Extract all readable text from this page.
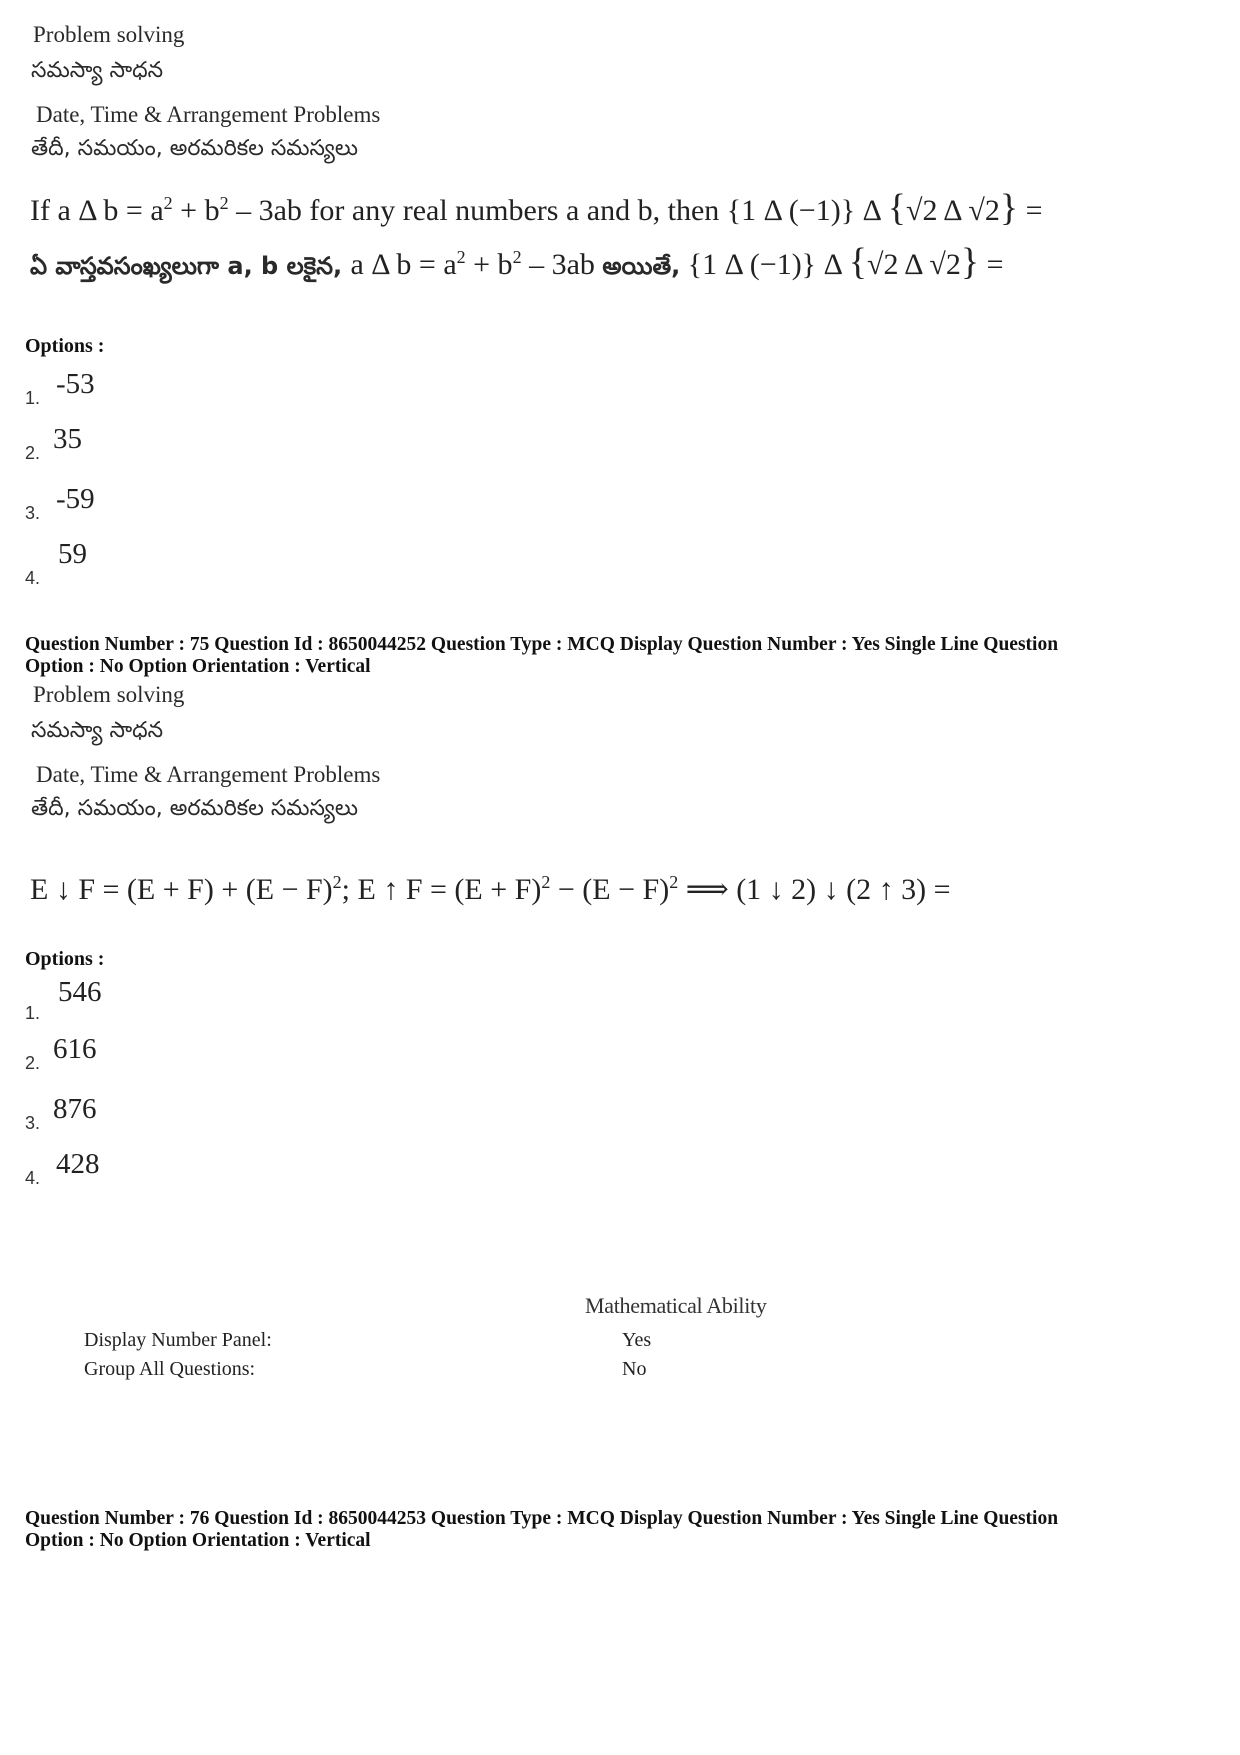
Problem solving
సమస్యా సాధన
Date, Time & Arrangement Problems
తేదీ, సమయం, అరమరికల సమస్యలు
If a Δ $b = a^2 + b^2 - 3ab$ for any real numbers a and b, then {1 Δ (−1)} Δ {√2 Δ √2} =
ఏ వాస్తవసంఖ్యలుగా a, b లకైన, a Δ $b = a^2 + b^2 - 3ab$ అయితే, {1 Δ (−1)} Δ {√2 Δ √2} =
Options :
1. -53
2. 35
3. -59
4.
59
Question Number : 75 Question Id : 8650044252 Question Type : MCQ Display Question Number : Yes Single Line Question
Option : No Option Orientation : Vertical
Problem solving
సమస్యా సాధన
Date, Time & Arrangement Problems
తేదీ, సమయం, అరమరికల సమస్యలు
E ↓ $F = (E + F) + (E - F)^2$; E ↑ $F = (E + F)^2 - (E - F)^2$ ⟹ (1 ↓ 2) ↓ (2 ↑ 3) =
Options :
1.
546
2. 616
3. 876
4. 428
Mathematical Ability
Display Number Panel:	Yes
Group All Questions:	No
Question Number : 76 Question Id : 8650044253 Question Type : MCQ Display Question Number : Yes Single Line Question
Option : No Option Orientation : Vertical
